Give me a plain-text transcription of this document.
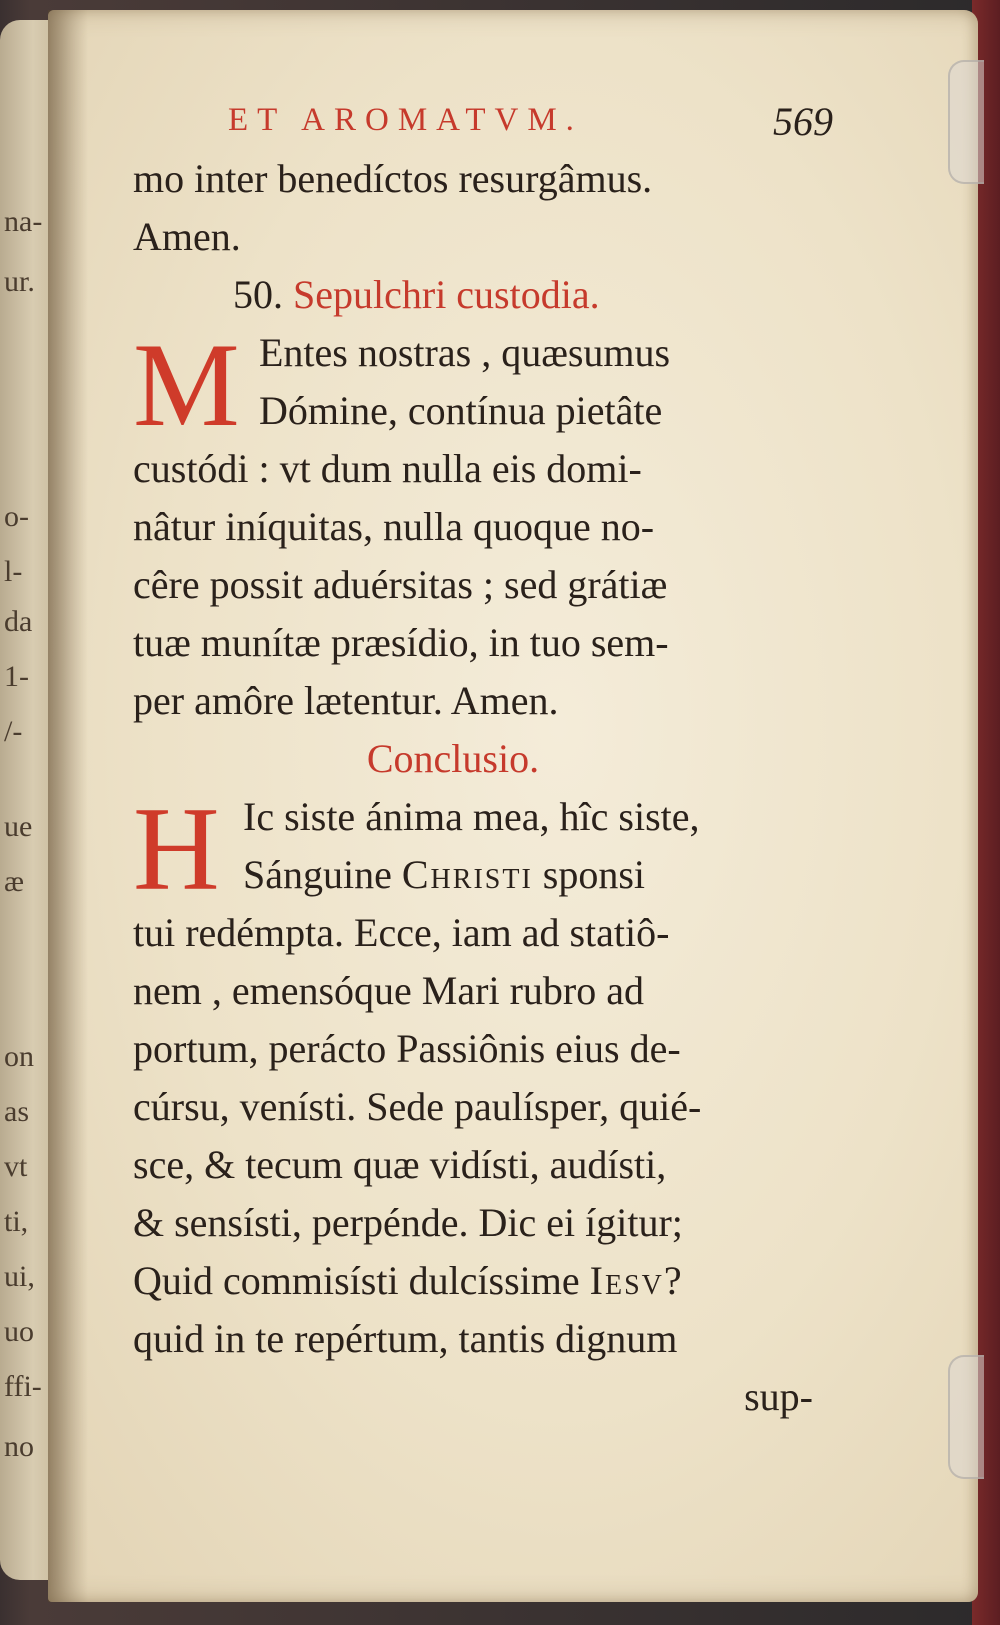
na-
ur.
o-
l-
da
1-
/-
ue
æ
on
as
vt
ti,
ui,
uo
ffi-
no
ET AROMATVM.	569
mo inter benedíctos resurgâmus.
Amen.
50. Sepulchri custodia.
M Entes nostras , quæsumus
Dómine, contínua pietâte
custódi : vt dum nulla eis domi-
nâtur iníquitas, nulla quoque no-
cêre possit aduérsitas ; sed grátiæ
tuæ munítæ præsídio, in tuo sem-
per amôre lætentur. Amen.
Conclusio.
H Ic siste ánima mea, hîc siste,
Sánguine Christi sponsi
tui redémpta. Ecce, iam ad statiô-
nem , emensóque Mari rubro ad
portum, perácto Passiônis eius de-
cúrsu, venísti. Sede paulísper, quié-
sce, & tecum quæ vidísti, audísti,
& sensísti, perpénde. Dic ei ígitur;
Quid commisísti dulcíssime Iesv?
quid in te repértum, tantis dignum
sup-
